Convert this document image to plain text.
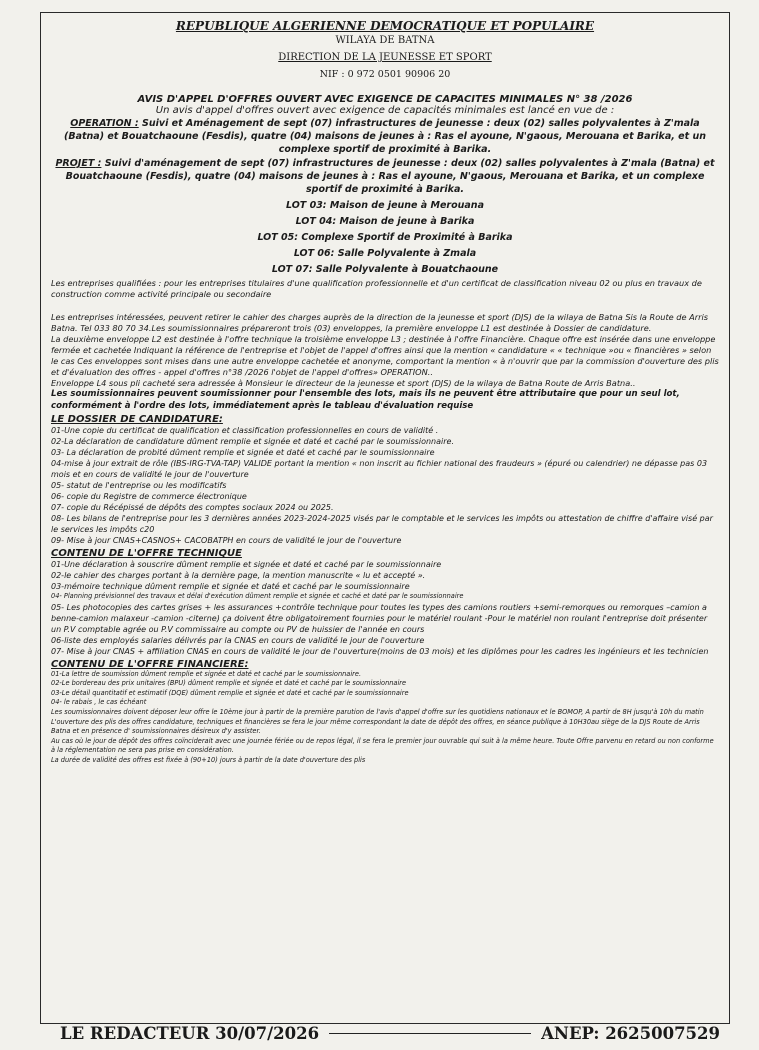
REPUBLIQUE ALGERIENNE DEMOCRATIQUE ET POPULAIRE
WILAYA DE BATNA
DIRECTION DE LA JEUNESSE ET SPORT
NIF : 0 972 0501 90906 20
AVIS D'APPEL D'OFFRES OUVERT AVEC EXIGENCE DE CAPACITES MINIMALES N° 38 /2026
Un avis d'appel d'offres ouvert avec exigence de capacités minimales est lancé en vue de :
OPERATION : Suivi et Aménagement de sept (07) infrastructures de jeunesse : deux (02) salles polyvalentes à Z'mala (Batna) et Bouatchaoune (Fesdis), quatre (04) maisons de jeunes à : Ras el ayoune, N'gaous, Merouana et Barika, et un complexe sportif de proximité à Barika.
PROJET : Suivi d'aménagement de sept (07) infrastructures de jeunesse : deux (02) salles polyvalentes à Z'mala (Batna) et Bouatchaoune (Fesdis), quatre (04) maisons de jeunes à : Ras el ayoune, N'gaous, Merouana et Barika, et un complexe sportif de proximité à Barika.
LOT 03: Maison de jeune à Merouana
LOT 04: Maison de jeune à Barika
LOT 05: Complexe Sportif de Proximité à Barika
LOT 06: Salle Polyvalente à Zmala
LOT 07: Salle Polyvalente à Bouatchaoune

Les entreprises qualifiées : pour les entreprises titulaires d'une qualification professionnelle et d'un certificat de classification niveau 02 ou plus en travaux de construction comme activité principale ou secondaire

Les entreprises intéressées, peuvent retirer le cahier des charges auprès de la direction de la jeunesse et sport (DJS) de la wilaya de Batna Sis la Route de Arris Batna. Tel 033 80 70 34.Les soumissionnaires prépareront trois (03) enveloppes, la première enveloppe L1 est destinée à Dossier de candidature.

La deuxième enveloppe L2 est destinée à l'offre technique la troisième enveloppe L3 ; destinée à l'offre Financière. Chaque offre est insérée dans une enveloppe fermée et cachetée Indiquant la référence de l'entreprise et l'objet de l'appel d'offres ainsi que la mention « candidature « « technique »ou « financières » selon le cas Ces enveloppes sont mises dans une autre enveloppe cachetée et anonyme, comportant la mention « à n'ouvrir que par la commission d'ouverture des plis et d'évaluation des offres - appel d'offres n°38 /2026 l'objet de l'appel d'offres» OPERATION..

Enveloppe L4 sous pli cacheté sera adressée à Monsieur le directeur de la jeunesse et sport (DJS) de la wilaya de Batna Route de Arris Batna..

Les soumissionnaires peuvent soumissionner pour l'ensemble des lots, mais ils ne peuvent être attributaire que pour un seul lot, conformément à l'ordre des lots, immédiatement après le tableau d'évaluation requise

LE DOSSIER DE CANDIDATURE:

01-Une copie du certificat de qualification et classification professionnelles en cours de validité .

02-La déclaration de candidature dûment remplie et signée et daté et caché par le soumissionnaire.

03- La déclaration de probité dûment remplie et signée et daté et caché par le soumissionnaire

04-mise à jour extrait de rôle (IBS-IRG-TVA-TAP) VALIDE portant la mention « non inscrit au fichier national des fraudeurs » (épuré ou calendrier) ne dépasse pas 03 mois et en cours de validité le jour de l'ouverture

05- statut de l'entreprise ou les modificatifs

06- copie du Registre de commerce électronique

07- copie du Récépissé de dépôts des comptes sociaux 2024 ou 2025.

08- Les bilans de l'entreprise pour les 3 dernières années 2023-2024-2025 visés par le comptable et le services les impôts ou attestation de chiffre d'affaire visé par le services les impôts c20

09- Mise à jour CNAS+CASNOS+ CACOBATPH en cours de validité le jour de l'ouverture

CONTENU DE L'OFFRE TECHNIQUE

01-Une déclaration à souscrire dûment remplie et signée et daté et caché par le soumissionnaire

02-le cahier des charges portant à la dernière page, la mention manuscrite « lu et accepté ».

03-mémoire technique dûment remplie et signée et daté et caché par le soumissionnaire

04- Planning prévisionnel des travaux et délai d'exécution dûment remplie et signée et caché et daté par le soumissionnaire

05- Les photocopies des cartes grises + les assurances +contrôle technique pour toutes les types des camions routiers +semi-remorques ou remorques –camion a benne-camion malaxeur -camion -citerne) ça doivent être obligatoirement fournies pour le matériel roulant -Pour le matériel non roulant l'entreprise doit présenter un P.V comptable agrée ou P.V commissaire au compte ou PV de huissier de l'année en cours

06-liste des employés salaries délivrés par la CNAS en cours de validité le jour de l'ouverture

07- Mise à jour CNAS + affiliation CNAS en cours de validité le jour de l'ouverture(moins de 03 mois) et les diplômes pour les cadres les ingénieurs et les technicien

CONTENU DE L'OFFRE FINANCIERE:

01-La lettre de soumission dûment remplie et signée et daté et caché par le soumissionnaire.

02-Le bordereau des prix unitaires (BPU) dûment remplie et signée et daté et caché par le soumissionnaire

03-Le détail quantitatif et estimatif (DQE) dûment remplie et signée et daté et caché par le soumissionnaire

04- le rabais , le cas échéant

Les soumissionnaires doivent déposer leur offre le 10ème jour à partir de la première parution de l'avis d'appel d'offre sur les quotidiens nationaux et le BOMOP, A partir de 8H jusqu'à 10h du matin

L'ouverture des plis des offres candidature, techniques et financières se fera le jour même correspondant la date de dépôt des offres, en séance publique à 10H30au siège de la DJS Route de Arris Batna et en présence d' soumissionnaires désireux d'y assister.

Au cas où le jour de dépôt des offres coïnciderait avec une journée fériée ou de repos légal, il se fera le premier jour ouvrable qui suit à la même heure. Toute Offre parvenu en retard ou non conforme à la réglementation ne sera pas prise en considération.

La durée de validité des offres est fixée à (90+10) jours à partir de la date d'ouverture des plis

LE REDACTEUR 30/07/2026	ANEP: 2625007529
